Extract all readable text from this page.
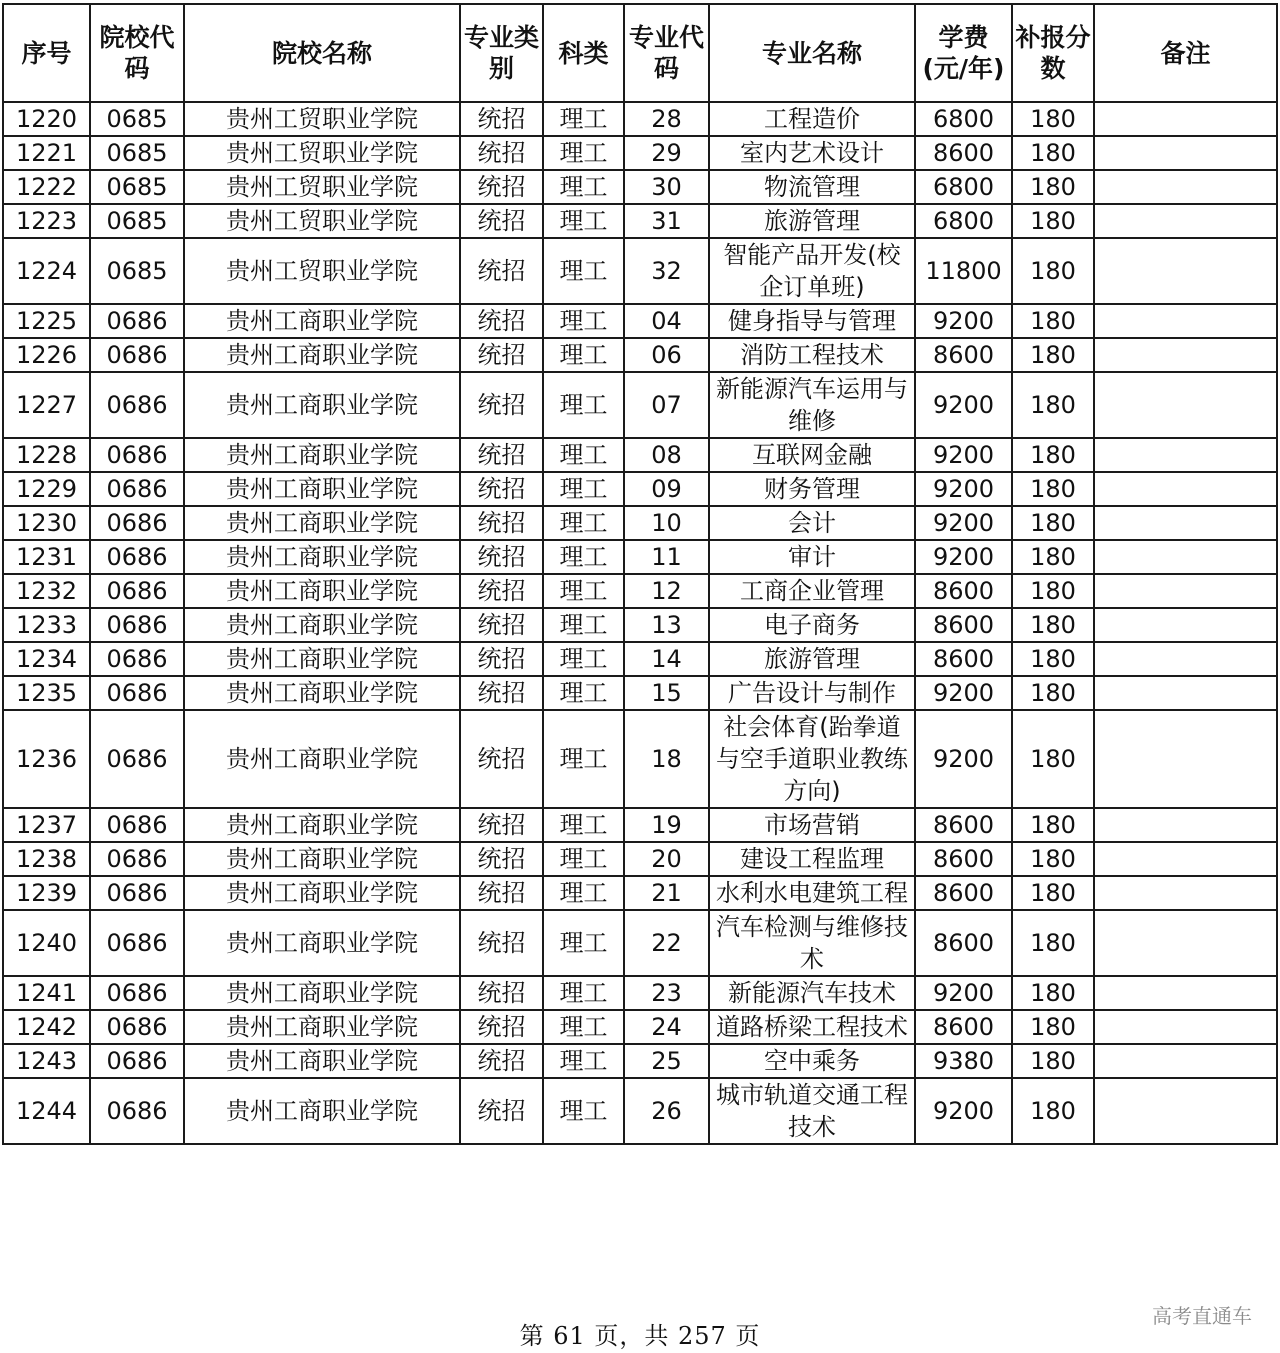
序号	院校代码	院校名称	专业类别	科类	专业代码	专业名称	学费(元/年)	补报分数	备注
1220	0685	贵州工贸职业学院	统招	理工	28	工程造价	6800	180	
1221	0685	贵州工贸职业学院	统招	理工	29	室内艺术设计	8600	180	
1222	0685	贵州工贸职业学院	统招	理工	30	物流管理	6800	180	
1223	0685	贵州工贸职业学院	统招	理工	31	旅游管理	6800	180	
1224	0685	贵州工贸职业学院	统招	理工	32	智能产品开发(校企订单班)	11800	180	
1225	0686	贵州工商职业学院	统招	理工	04	健身指导与管理	9200	180	
1226	0686	贵州工商职业学院	统招	理工	06	消防工程技术	8600	180	
1227	0686	贵州工商职业学院	统招	理工	07	新能源汽车运用与维修	9200	180	
1228	0686	贵州工商职业学院	统招	理工	08	互联网金融	9200	180	
1229	0686	贵州工商职业学院	统招	理工	09	财务管理	9200	180	
1230	0686	贵州工商职业学院	统招	理工	10	会计	9200	180	
1231	0686	贵州工商职业学院	统招	理工	11	审计	9200	180	
1232	0686	贵州工商职业学院	统招	理工	12	工商企业管理	8600	180	
1233	0686	贵州工商职业学院	统招	理工	13	电子商务	8600	180	
1234	0686	贵州工商职业学院	统招	理工	14	旅游管理	8600	180	
1235	0686	贵州工商职业学院	统招	理工	15	广告设计与制作	9200	180	
1236	0686	贵州工商职业学院	统招	理工	18	社会体育(跆拳道与空手道职业教练方向)	9200	180	
1237	0686	贵州工商职业学院	统招	理工	19	市场营销	8600	180	
1238	0686	贵州工商职业学院	统招	理工	20	建设工程监理	8600	180	
1239	0686	贵州工商职业学院	统招	理工	21	水利水电建筑工程	8600	180	
1240	0686	贵州工商职业学院	统招	理工	22	汽车检测与维修技术	8600	180	
1241	0686	贵州工商职业学院	统招	理工	23	新能源汽车技术	9200	180	
1242	0686	贵州工商职业学院	统招	理工	24	道路桥梁工程技术	8600	180	
1243	0686	贵州工商职业学院	统招	理工	25	空中乘务	9380	180	
1244	0686	贵州工商职业学院	统招	理工	26	城市轨道交通工程技术	9200	180	
第 61 页，共 257 页
高考直通车
